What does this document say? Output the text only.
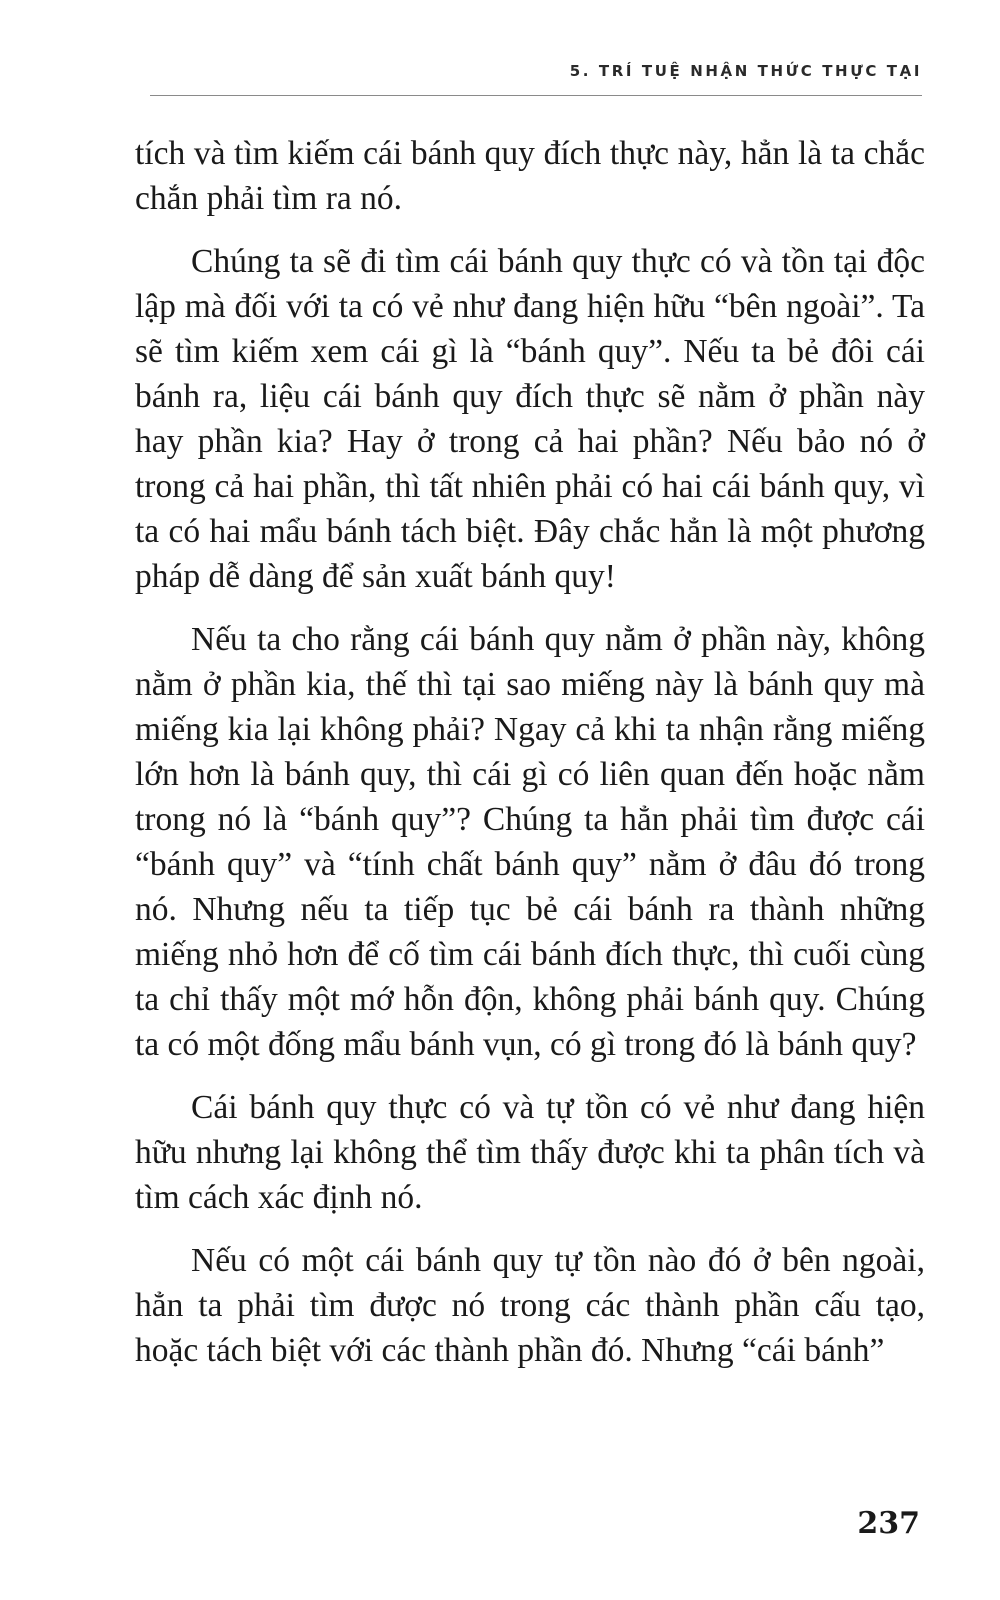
5. TRÍ TUỆ NHẬN THỨC THỰC TẠI

tích và tìm kiếm cái bánh quy đích thực này, hẳn là ta chắc chắn phải tìm ra nó.

Chúng ta sẽ đi tìm cái bánh quy thực có và tồn tại độc lập mà đối với ta có vẻ như đang hiện hữu “bên ngoài”. Ta sẽ tìm kiếm xem cái gì là “bánh quy”. Nếu ta bẻ đôi cái bánh ra, liệu cái bánh quy đích thực sẽ nằm ở phần này hay phần kia? Hay ở trong cả hai phần? Nếu bảo nó ở trong cả hai phần, thì tất nhiên phải có hai cái bánh quy, vì ta có hai mẩu bánh tách biệt. Đây chắc hẳn là một phương pháp dễ dàng để sản xuất bánh quy!

Nếu ta cho rằng cái bánh quy nằm ở phần này, không nằm ở phần kia, thế thì tại sao miếng này là bánh quy mà miếng kia lại không phải? Ngay cả khi ta nhận rằng miếng lớn hơn là bánh quy, thì cái gì có liên quan đến hoặc nằm trong nó là “bánh quy”? Chúng ta hẳn phải tìm được cái “bánh quy” và “tính chất bánh quy” nằm ở đâu đó trong nó. Nhưng nếu ta tiếp tục bẻ cái bánh ra thành những miếng nhỏ hơn để cố tìm cái bánh đích thực, thì cuối cùng ta chỉ thấy một mớ hỗn độn, không phải bánh quy. Chúng ta có một đống mẩu bánh vụn, có gì trong đó là bánh quy?

Cái bánh quy thực có và tự tồn có vẻ như đang hiện hữu nhưng lại không thể tìm thấy được khi ta phân tích và tìm cách xác định nó.

Nếu có một cái bánh quy tự tồn nào đó ở bên ngoài, hẳn ta phải tìm được nó trong các thành phần cấu tạo, hoặc tách biệt với các thành phần đó. Nhưng “cái bánh”

237
